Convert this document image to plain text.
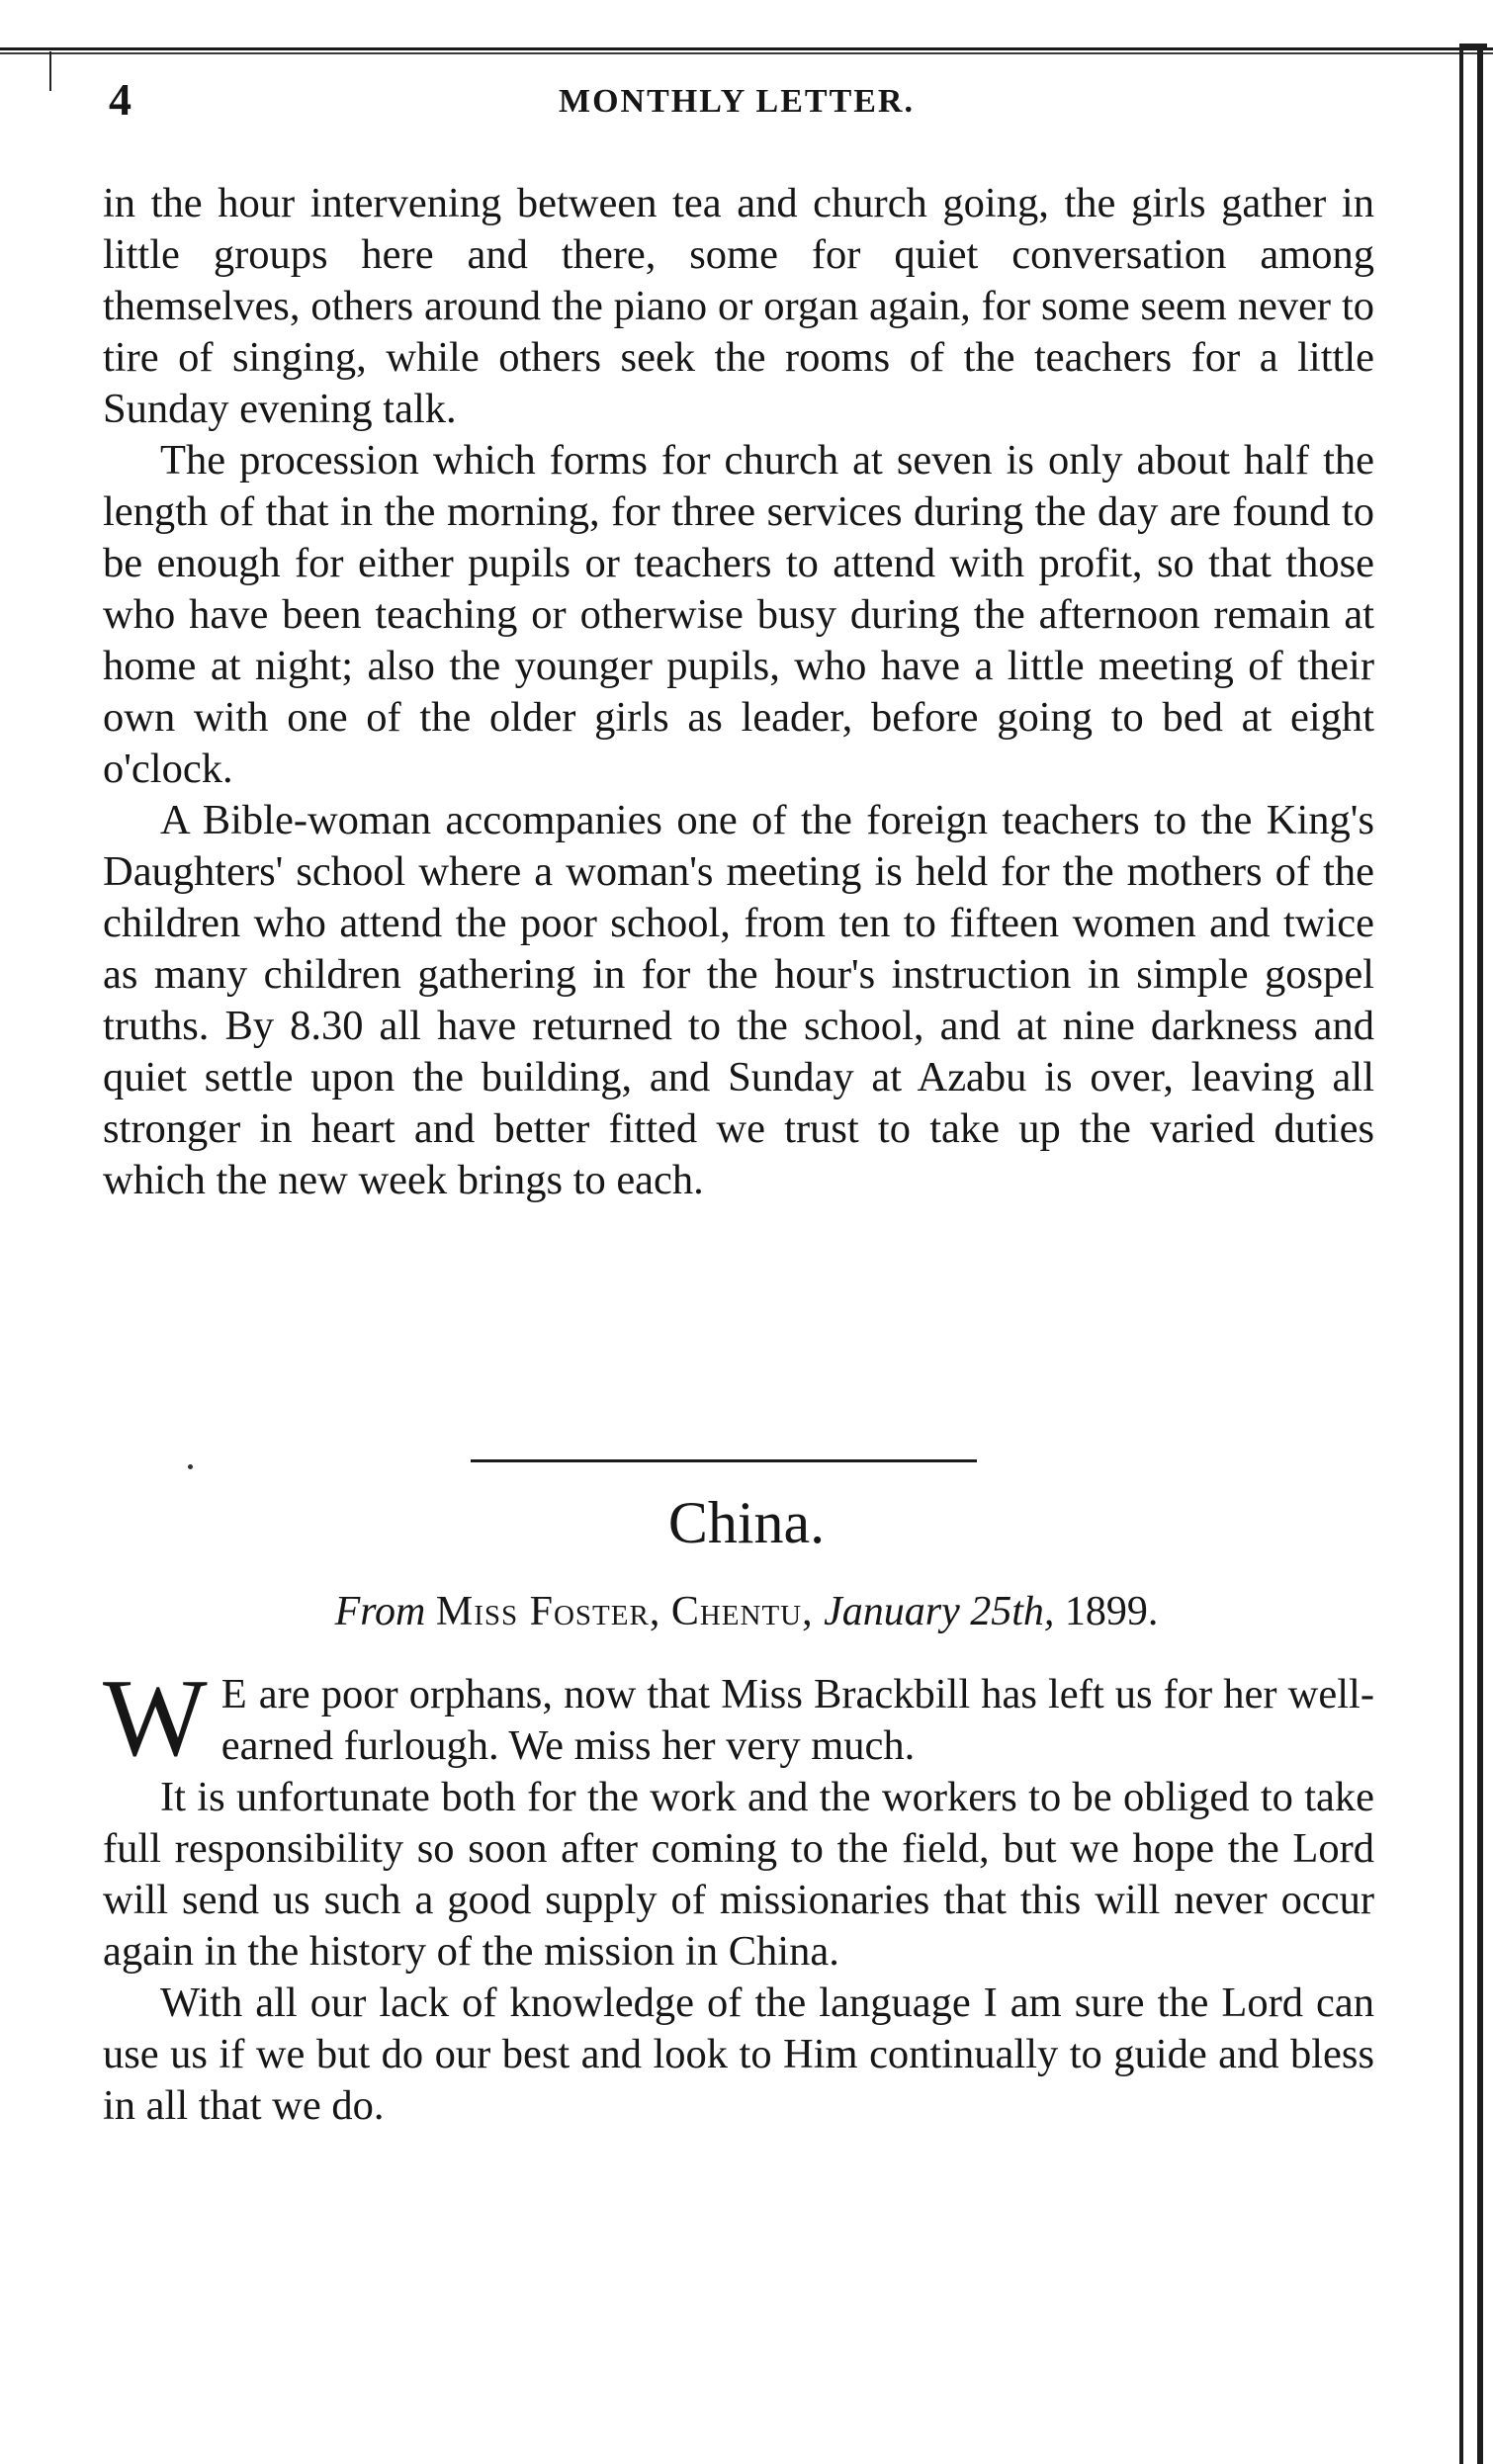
4	MONTHLY LETTER.

in the hour intervening between tea and church going, the girls gather in little groups here and there, some for quiet conversation among themselves, others around the piano or organ again, for some seem never to tire of singing, while others seek the rooms of the teachers for a little Sunday evening talk.

The procession which forms for church at seven is only about half the length of that in the morning, for three services during the day are found to be enough for either pupils or teachers to attend with profit, so that those who have been teaching or otherwise busy during the afternoon remain at home at night; also the younger pupils, who have a little meeting of their own with one of the older girls as leader, before going to bed at eight o'clock.

A Bible-woman accompanies one of the foreign teachers to the King's Daughters' school where a woman's meeting is held for the mothers of the children who attend the poor school, from ten to fifteen women and twice as many children gathering in for the hour's instruction in simple gospel truths. By 8.30 all have returned to the school, and at nine darkness and quiet settle upon the building, and Sunday at Azabu is over, leaving all stronger in heart and better fitted we trust to take up the varied duties which the new week brings to each.

China.
From Miss Foster, Chentu, January 25th, 1899.

W E are poor orphans, now that Miss Brackbill has left us for her well-earned furlough. We miss her very much.

It is unfortunate both for the work and the workers to be obliged to take full responsibility so soon after coming to the field, but we hope the Lord will send us such a good supply of missionaries that this will never occur again in the history of the mission in China.

With all our lack of knowledge of the language I am sure the Lord can use us if we but do our best and look to Him continually to guide and bless in all that we do.
